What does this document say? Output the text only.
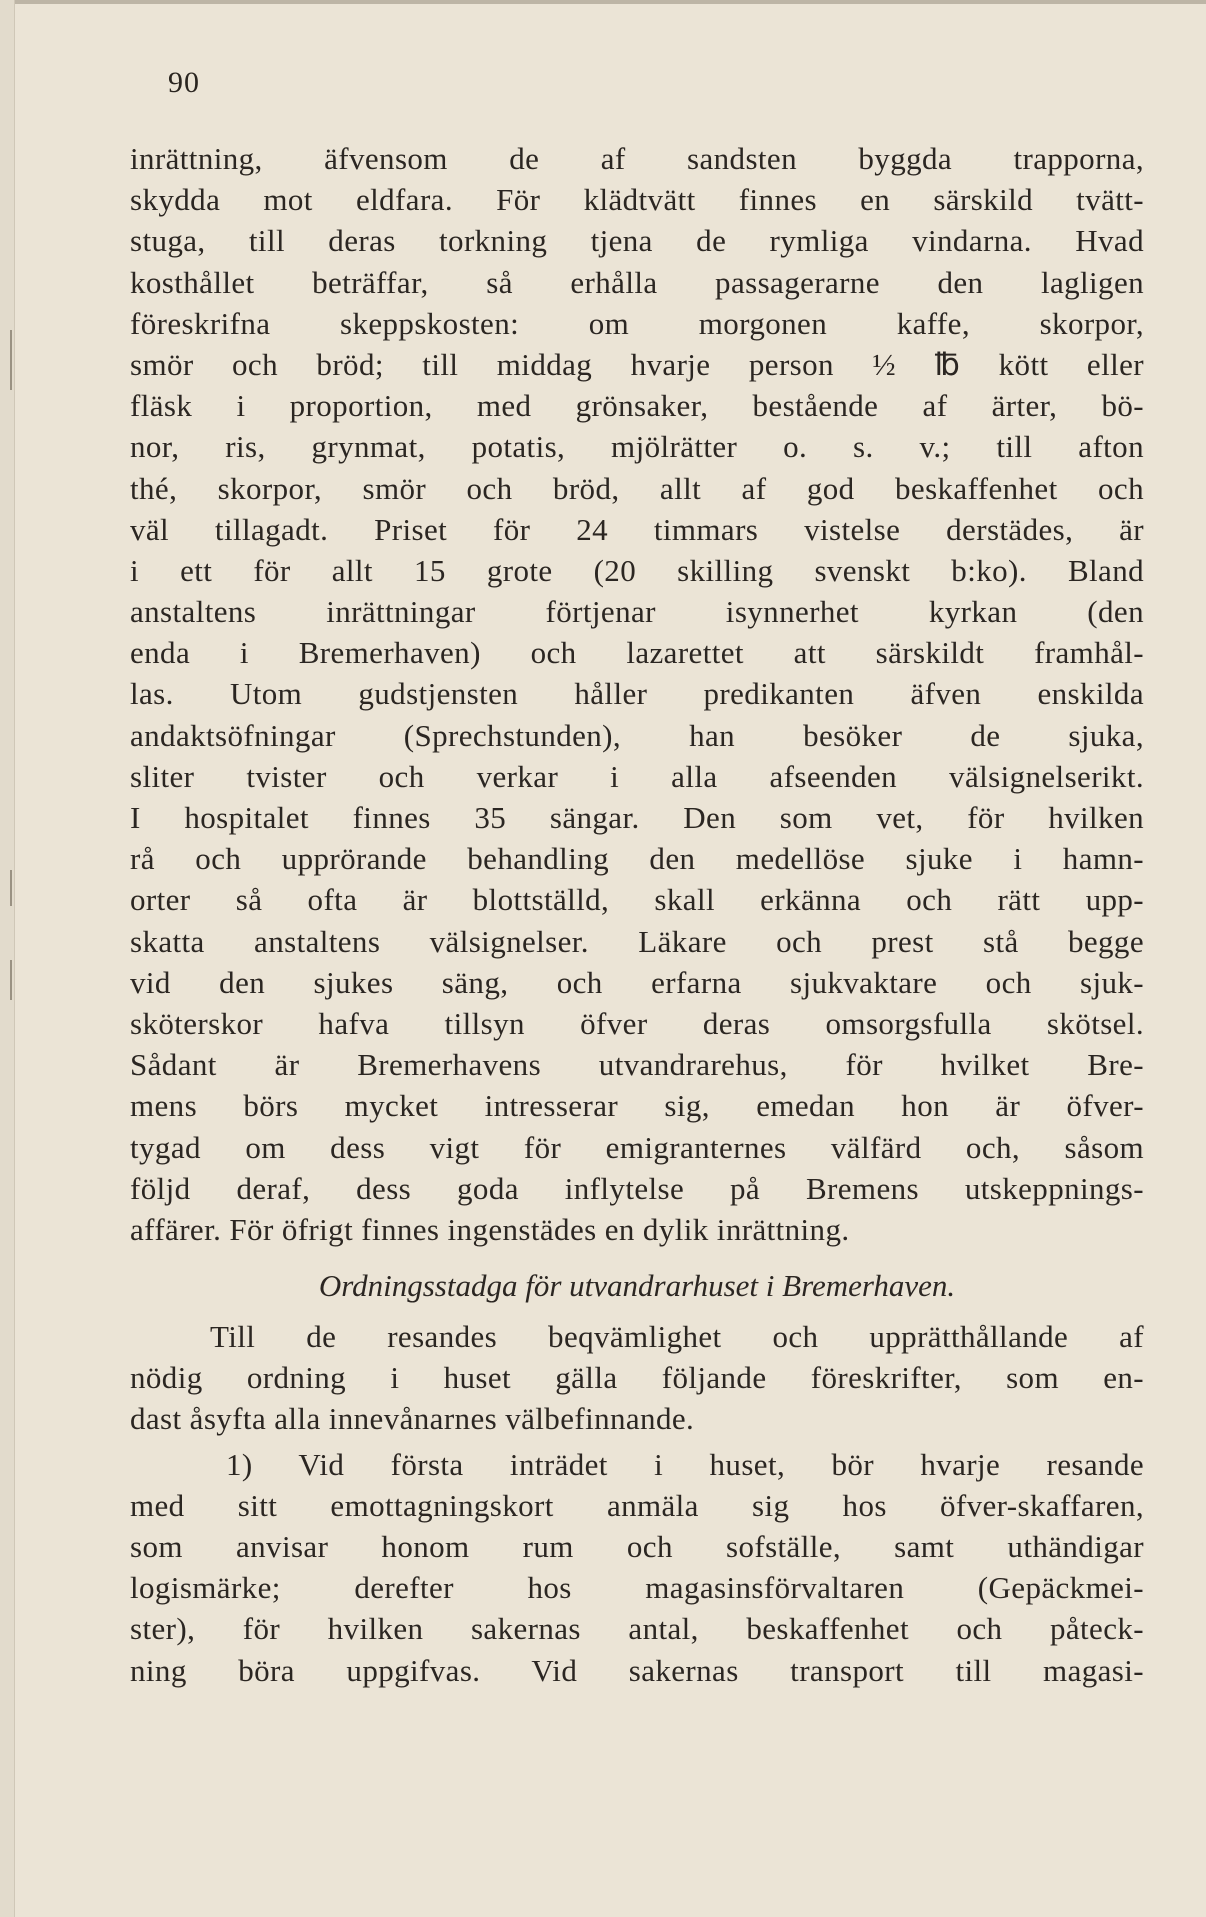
90
inrättning, äfvensom de af sandsten byggda trapporna,
skydda mot eldfara. För klädtvätt finnes en särskild tvätt-
stuga, till deras torkning tjena de rymliga vindarna. Hvad
kosthållet beträffar, så erhålla passagerarne den lagligen
föreskrifna skeppskosten: om morgonen kaffe, skorpor,
smör och bröd; till middag hvarje person ½ ℔ kött eller
fläsk i proportion, med grönsaker, bestående af ärter, bö-
nor, ris, grynmat, potatis, mjölrätter o. s. v.; till afton
thé, skorpor, smör och bröd, allt af god beskaffenhet och
väl tillagadt. Priset för 24 timmars vistelse derstädes, är
i ett för allt 15 grote (20 skilling svenskt b:ko). Bland
anstaltens inrättningar förtjenar isynnerhet kyrkan (den
enda i Bremerhaven) och lazarettet att särskildt framhål-
las. Utom gudstjensten håller predikanten äfven enskilda
andaktsöfningar (Sprechstunden), han besöker de sjuka,
sliter tvister och verkar i alla afseenden välsignelserikt.
I hospitalet finnes 35 sängar. Den som vet, för hvilken
rå och upprörande behandling den medellöse sjuke i hamn-
orter så ofta är blottställd, skall erkänna och rätt upp-
skatta anstaltens välsignelser. Läkare och prest stå begge
vid den sjukes säng, och erfarna sjukvaktare och sjuk-
sköterskor hafva tillsyn öfver deras omsorgsfulla skötsel.
Sådant är Bremerhavens utvandrarehus, för hvilket Bre-
mens börs mycket intresserar sig, emedan hon är öfver-
tygad om dess vigt för emigranternes välfärd och, såsom
följd deraf, dess goda inflytelse på Bremens utskeppnings-
affärer. För öfrigt finnes ingenstädes en dylik inrättning.
Ordningsstadga för utvandrarhuset i Bremerhaven.
Till de resandes beqvämlighet och upprätthållande af
nödig ordning i huset gälla följande föreskrifter, som en-
dast åsyfta alla innevånarnes välbefinnande.
1) Vid första inträdet i huset, bör hvarje resande
med sitt emottagningskort anmäla sig hos öfver-skaffaren,
som anvisar honom rum och sofställe, samt uthändigar
logismärke; derefter hos magasinsförvaltaren (Gepäckmei-
ster), för hvilken sakernas antal, beskaffenhet och påteck-
ning böra uppgifvas. Vid sakernas transport till magasi-
